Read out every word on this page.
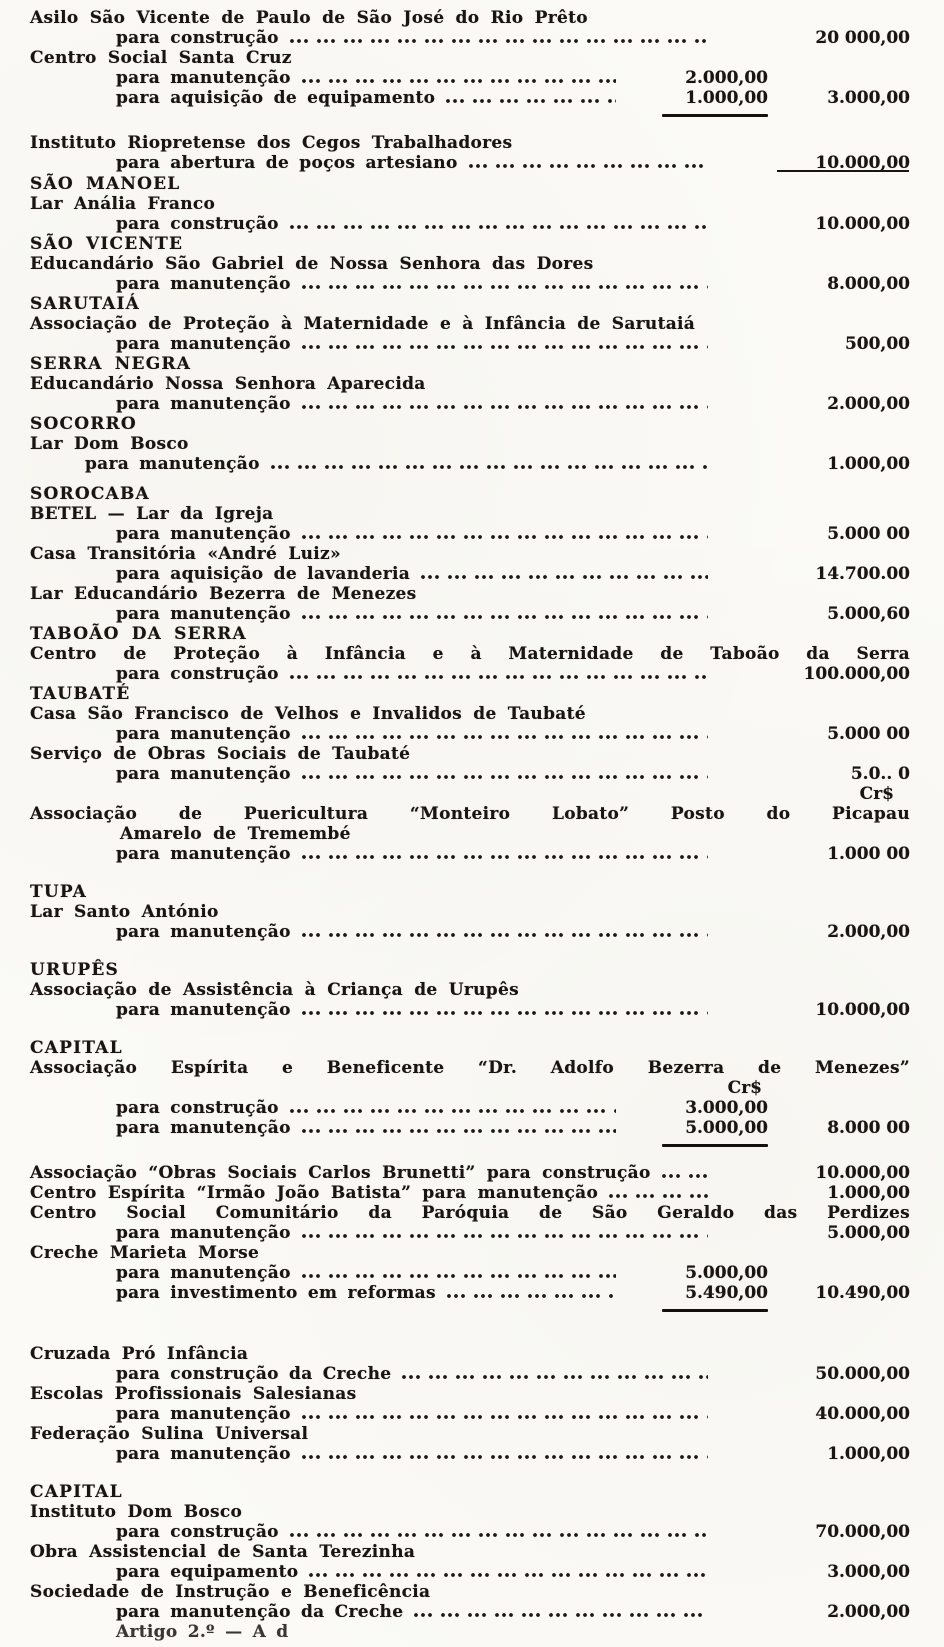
Asilo São Vicente de Paulo de São José do Rio Prêto
para construção	20 000,00
Centro Social Santa Cruz
para manutenção	2.000,00
para aquisição de equipamento	1.000,00	3.000,00
Instituto Riopretense dos Cegos Trabalhadores
para abertura de poços artesiano	10.000,00
SÃO MANOEL
Lar Anália Franco
para construção	10.000,00
SÃO VICENTE
Educandário São Gabriel de Nossa Senhora das Dores
para manutenção	8.000,00
SARUTAIÁ
Associação de Proteção à Maternidade e à Infância de Sarutaiá
para manutenção	500,00
SERRA NEGRA
Educandário Nossa Senhora Aparecida
para manutenção	2.000,00
SOCORRO
Lar Dom Bosco
para manutenção	1.000,00
SOROCABA
BETEL — Lar da Igreja
para manutenção	5.000 00
Casa Transitória «André Luiz»
para aquisição de lavanderia	14.700.00
Lar Educandário Bezerra de Menezes
para manutenção	5.000,60
TABOÃO DA SERRA
Centro de Proteção à Infância e à Maternidade de Taboão da Serra
para construção	100.000,00
TAUBATÉ
Casa São Francisco de Velhos e Invalidos de Taubaté
para manutenção	5.000 00
Serviço de Obras Sociais de Taubaté
para manutenção	5.0.. 0
Cr$
Associação de Puericultura “Monteiro Lobato” Posto do Picapau
Amarelo de Tremembé
para manutenção	1.000 00
TUPA
Lar Santo António
para manutenção	2.000,00
URUPÊS
Associação de Assistência à Criança de Urupês
para manutenção	10.000,00
CAPITAL
Associação Espírita e Beneficente “Dr. Adolfo Bezerra de Menezes”
Cr$
para construção	3.000,00
para manutenção	5.000,00	8.000 00
Associação “Obras Sociais Carlos Brunetti” para construção	10.000,00
Centro Espírita “Irmão João Batista” para manutenção	1.000,00
Centro Social Comunitário da Paróquia de São Geraldo das Perdizes
para manutenção	5.000,00
Creche Marieta Morse
para manutenção	5.000,00
para investimento em reformas	5.490,00	10.490,00
Cruzada Pró Infância
para construção da Creche	50.000,00
Escolas Profissionais Salesianas
para manutenção	40.000,00
Federação Sulina Universal
para manutenção	1.000,00
CAPITAL
Instituto Dom Bosco
para construção	70.000,00
Obra Assistencial de Santa Terezinha
para equipamento	3.000,00
Sociedade de Instrução e Beneficência
para manutenção da Creche	2.000,00
Artigo 2.º — A d
